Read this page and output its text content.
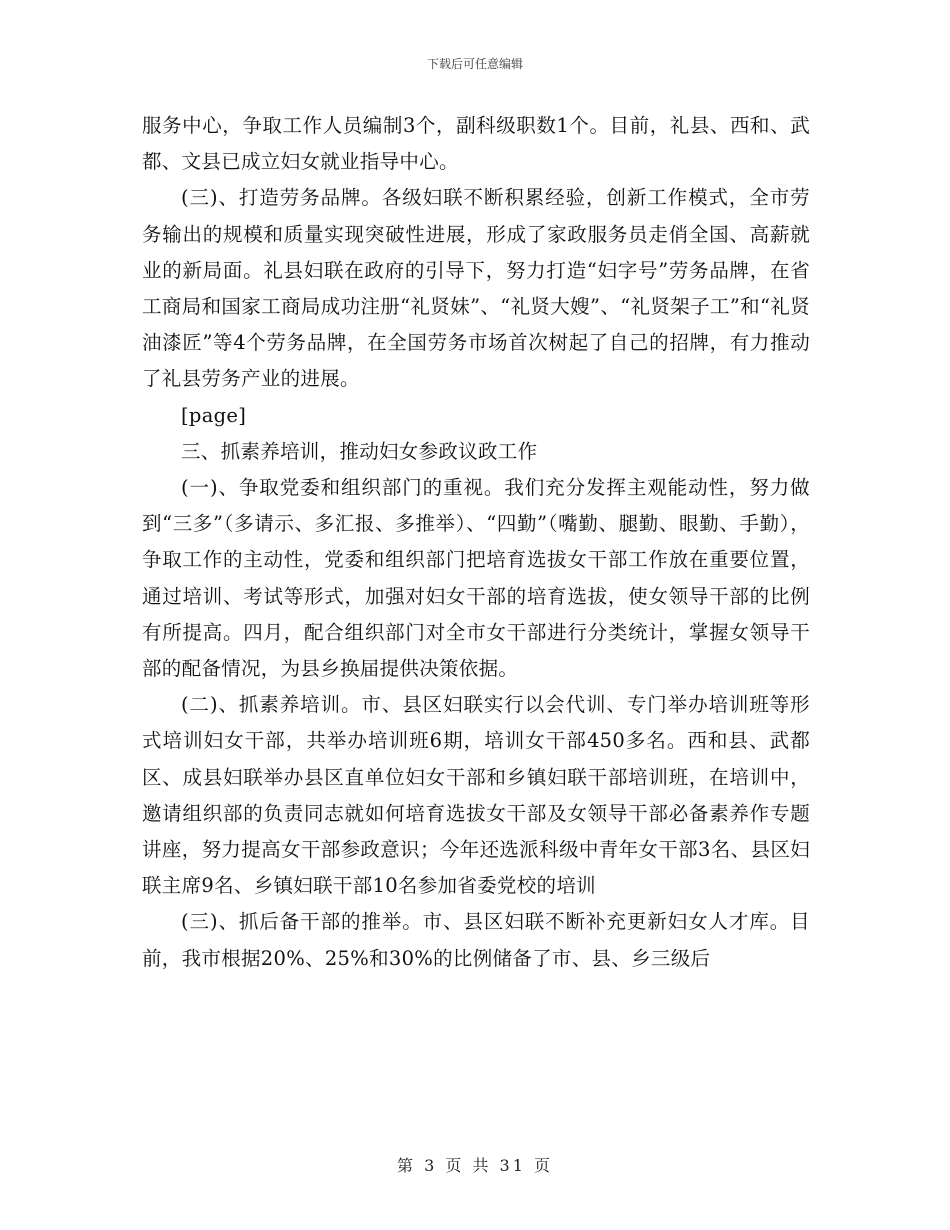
下载后可任意编辑

服务中心，争取工作人员编制3个，副科级职数1个。目前，礼县、西和、武都、文县已成立妇女就业指导中心。

(三)、打造劳务品牌。各级妇联不断积累经验，创新工作模式，全市劳务输出的规模和质量实现突破性进展，形成了家政服务员走俏全国、高薪就业的新局面。礼县妇联在政府的引导下，努力打造“妇字号”劳务品牌，在省工商局和国家工商局成功注册“礼贤妹”、“礼贤大嫂”、“礼贤架子工”和“礼贤油漆匠”等4个劳务品牌，在全国劳务市场首次树起了自己的招牌，有力推动了礼县劳务产业的进展。

[page]

三、抓素养培训，推动妇女参政议政工作

(一)、争取党委和组织部门的重视。我们充分发挥主观能动性，努力做到“三多”（多请示、多汇报、多推举）、“四勤”（嘴勤、腿勤、眼勤、手勤），争取工作的主动性，党委和组织部门把培育选拔女干部工作放在重要位置，通过培训、考试等形式，加强对妇女干部的培育选拔，使女领导干部的比例有所提高。四月，配合组织部门对全市女干部进行分类统计，掌握女领导干部的配备情况，为县乡换届提供决策依据。

(二)、抓素养培训。市、县区妇联实行以会代训、专门举办培训班等形式培训妇女干部，共举办培训班6期，培训女干部450多名。西和县、武都区、成县妇联举办县区直单位妇女干部和乡镇妇联干部培训班，在培训中，邀请组织部的负责同志就如何培育选拔女干部及女领导干部必备素养作专题讲座，努力提高女干部参政意识；今年还选派科级中青年女干部3名、县区妇联主席9名、乡镇妇联干部10名参加省委党校的培训

(三)、抓后备干部的推举。市、县区妇联不断补充更新妇女人才库。目前，我市根据20%、25%和30%的比例储备了市、县、乡三级后

第 3 页 共 31 页
